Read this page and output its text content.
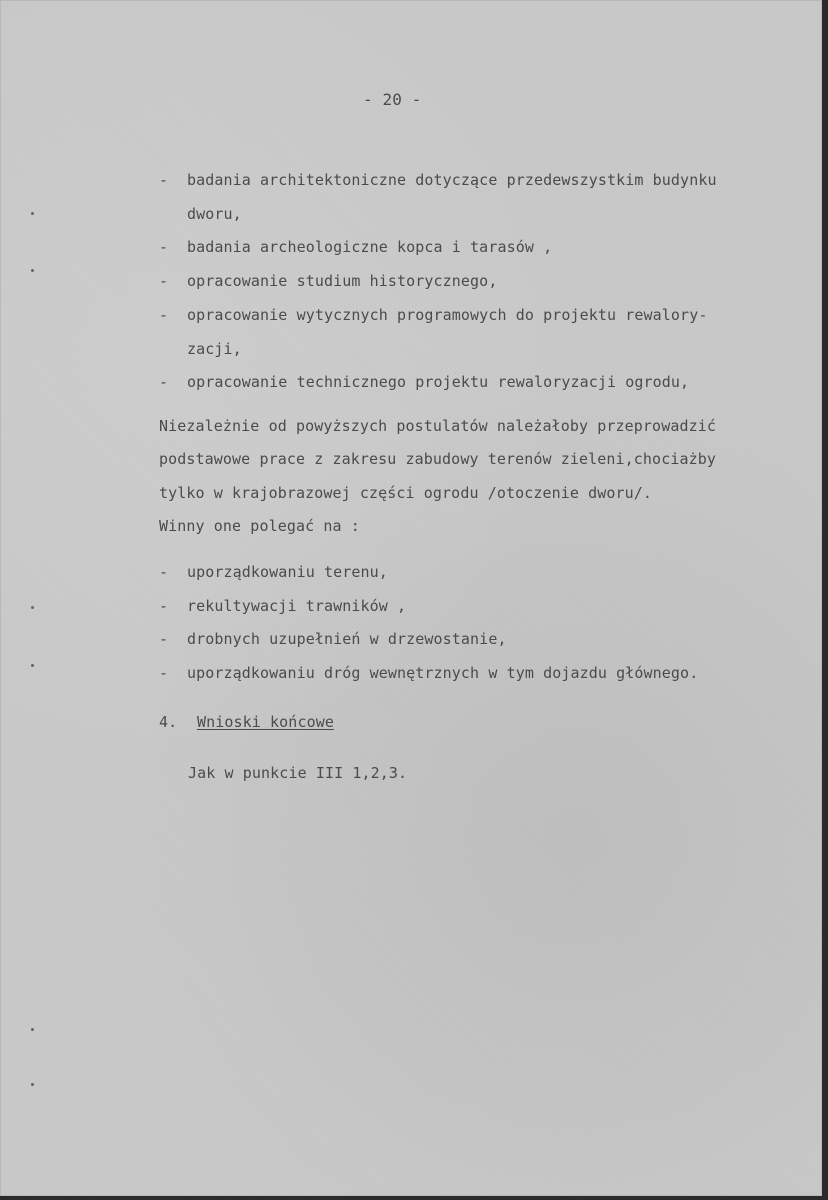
- 20 -
- badania architektoniczne dotyczące przedewszystkim budynku
dworu,
- badania archeologiczne kopca i tarasów ,
- opracowanie studium historycznego,
- opracowanie wytycznych programowych do projektu rewalory-
zacji,
- opracowanie technicznego projektu rewaloryzacji ogrodu,
Niezależnie od powyższych postulatów należałoby przeprowadzić
podstawowe prace z zakresu zabudowy terenów zieleni,chociażby
tylko w krajobrazowej części ogrodu /otoczenie dworu/.
Winny one polegać na :
- uporządkowaniu terenu,
- rekultywacji trawników ,
- drobnych uzupełnień w drzewostanie,
- uporządkowaniu dróg wewnętrznych w tym dojazdu głównego.
4. Wnioski końcowe
Jak w punkcie III 1,2,3.
